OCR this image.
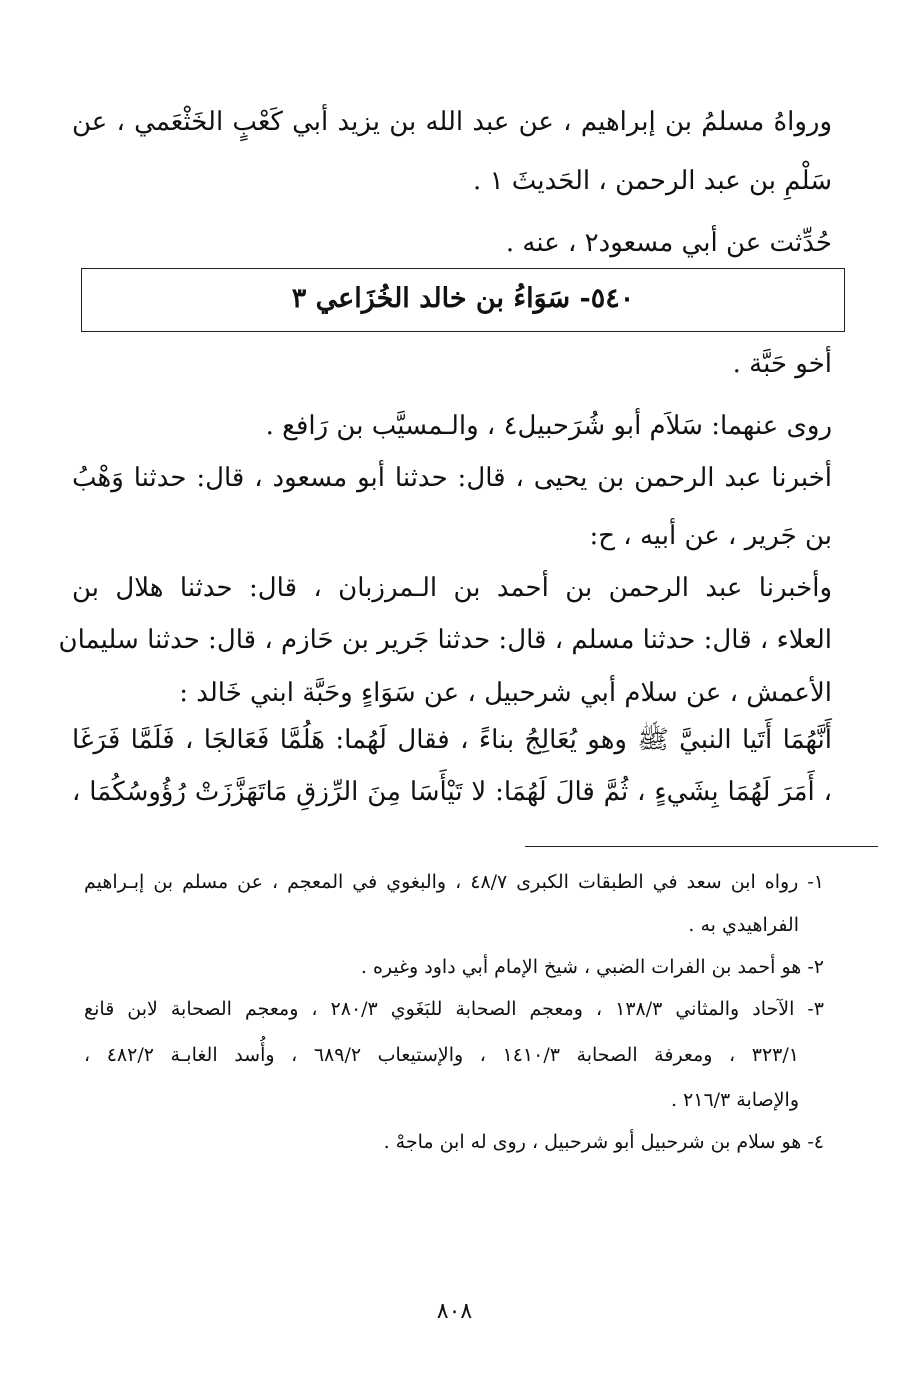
ورواهُ مسلمُ بن إبراهيم ، عن عبد الله بن يزيد أبي كَعْبٍ الخَثْعَمي ، عن
سَلْمِ بن عبد الرحمن ، الحَديثَ ١ .
حُدِّثت عن أبي مسعود٢ ، عنه .
٥٤٠- سَوَاءُ بن خالد الخُزَاعي ٣
أخو حَبَّة .
روى عنهما: سَلاَم أبو شُرَحبيل٤ ، والـمسيَّب بن رَافع .
أخبرنا عبد الرحمن بن يحيى ، قال: حدثنا أبو مسعود ، قال: حدثنا وَهْبُ
بن جَرير ، عن أبيه ، ح:
وأخبرنا عبد الرحمن بن أحمد بن الـمرزبان ، قال: حدثنا هلال بن
العلاء ، قال: حدثنا مسلم ، قال: حدثنا جَرير بن حَازم ، قال: حدثنا سليمان
الأعمش ، عن سلام أبي شرحبيل ، عن سَوَاءٍ وحَبَّة ابني خَالد :
أَنَّهُمَا أَتَيا النبيَّ ﷺ وهو يُعَالِجُ بناءً ، فقال لَهُما: هَلُمَّا فَعَالجَا ، فَلَمَّا فَرَغَا
، أَمَرَ لَهُمَا بِشَيءٍ ، ثُمَّ قالَ لَهُمَا: لا تَيْأَسَا مِنَ الرِّزقِ مَاتَهَزَّزَتْ رُؤُوسُكُمَا ،
١- رواه ابن سعد في الطبقات الكبرى ٤٨/٧ ، والبغوي في المعجم ، عن مسلم بن إبـراهيم
الفراهيدي به .
٢- هو أحمد بن الفرات الضبي ، شيخ الإمام أبي داود وغيره .
٣- الآحاد والمثاني ١٣٨/٣ ، ومعجم الصحابة للبَغَوي ٢٨٠/٣ ، ومعجم الصحابة لابن قانع
٣٢٣/١ ، ومعرفة الصحابة ١٤١٠/٣ ، والإستيعاب ٦٨٩/٢ ، وأُسد الغابـة ٤٨٢/٢ ،
والإصابة ٢١٦/٣ .
٤- هو سلام بن شرحبيل أبو شرحبيل ، روى له ابن ماجهْ .
٨٠٨
